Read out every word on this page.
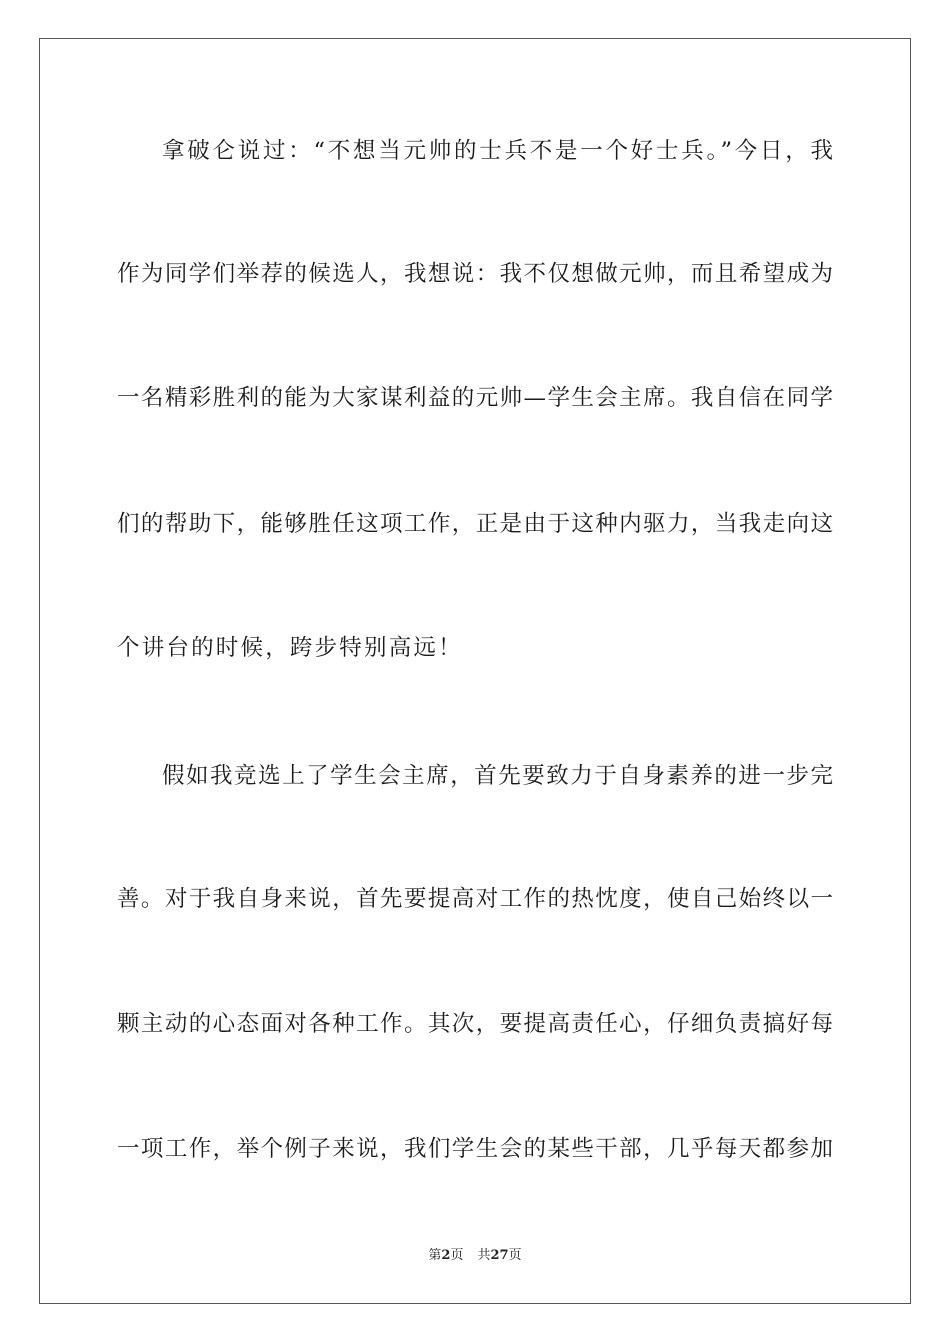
拿破仑说过：“不想当元帅的士兵不是一个好士兵。”今日，我
作为同学们举荐的候选人，我想说：我不仅想做元帅，而且希望成为
一名精彩胜利的能为大家谋利益的元帅—学生会主席。我自信在同学
们的帮助下，能够胜任这项工作，正是由于这种内驱力，当我走向这
个讲台的时候，跨步特别高远！
假如我竞选上了学生会主席，首先要致力于自身素养的进一步完
善。对于我自身来说，首先要提高对工作的热忱度，使自己始终以一
颗主动的心态面对各种工作。其次，要提高责任心，仔细负责搞好每
一项工作，举个例子来说，我们学生会的某些干部，几乎每天都参加
第2页 共27页
